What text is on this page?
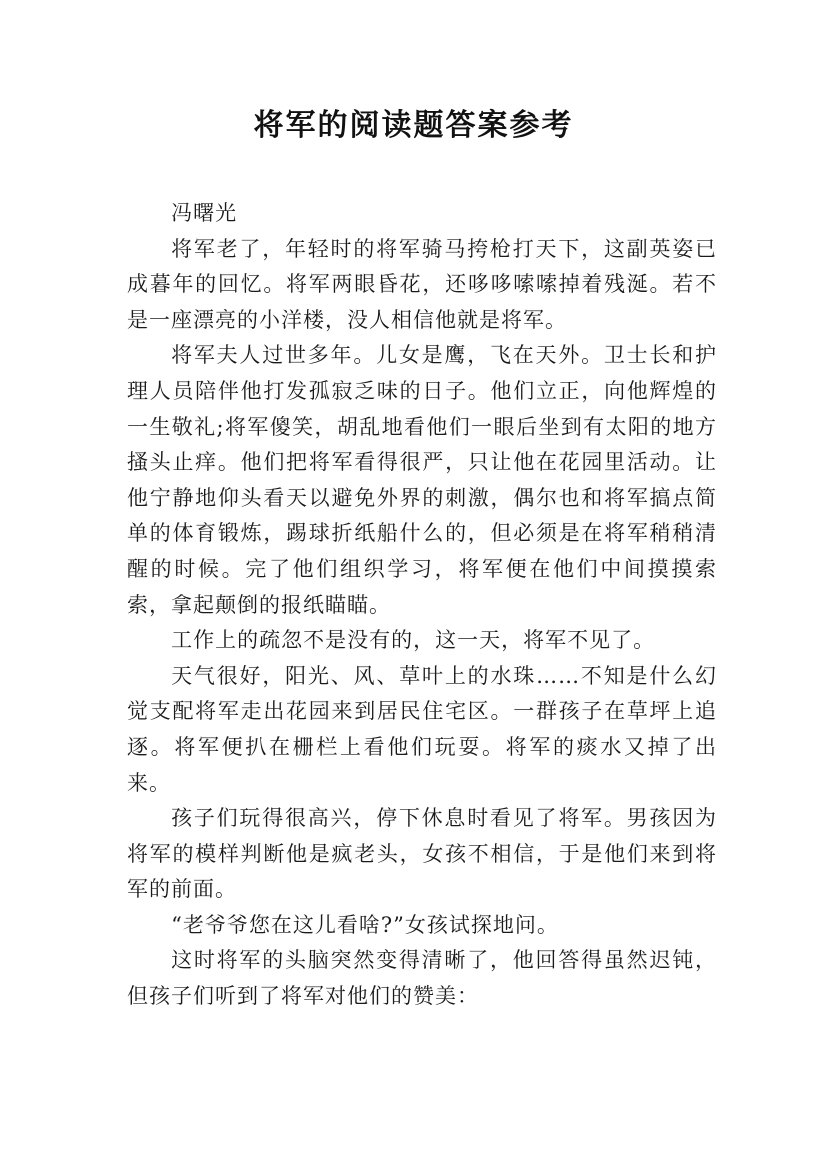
将军的阅读题答案参考

冯曙光

将军老了，年轻时的将军骑马挎枪打天下，这副英姿已成暮年的回忆。将军两眼昏花，还哆哆嗦嗦掉着残涎。若不是一座漂亮的小洋楼，没人相信他就是将军。

将军夫人过世多年。儿女是鹰，飞在天外。卫士长和护理人员陪伴他打发孤寂乏味的日子。他们立正，向他辉煌的一生敬礼;将军傻笑，胡乱地看他们一眼后坐到有太阳的地方搔头止痒。他们把将军看得很严，只让他在花园里活动。让他宁静地仰头看天以避免外界的刺激，偶尔也和将军搞点简单的体育锻炼，踢球折纸船什么的，但必须是在将军稍稍清醒的时候。完了他们组织学习，将军便在他们中间摸摸索索，拿起颠倒的报纸瞄瞄。

工作上的疏忽不是没有的，这一天，将军不见了。

天气很好，阳光、风、草叶上的水珠……不知是什么幻觉支配将军走出花园来到居民住宅区。一群孩子在草坪上追逐。将军便扒在栅栏上看他们玩耍。将军的痰水又掉了出来。

孩子们玩得很高兴，停下休息时看见了将军。男孩因为将军的模样判断他是疯老头，女孩不相信，于是他们来到将军的前面。

“老爷爷您在这儿看啥?”女孩试探地问。

这时将军的头脑突然变得清晰了，他回答得虽然迟钝，但孩子们听到了将军对他们的赞美：
